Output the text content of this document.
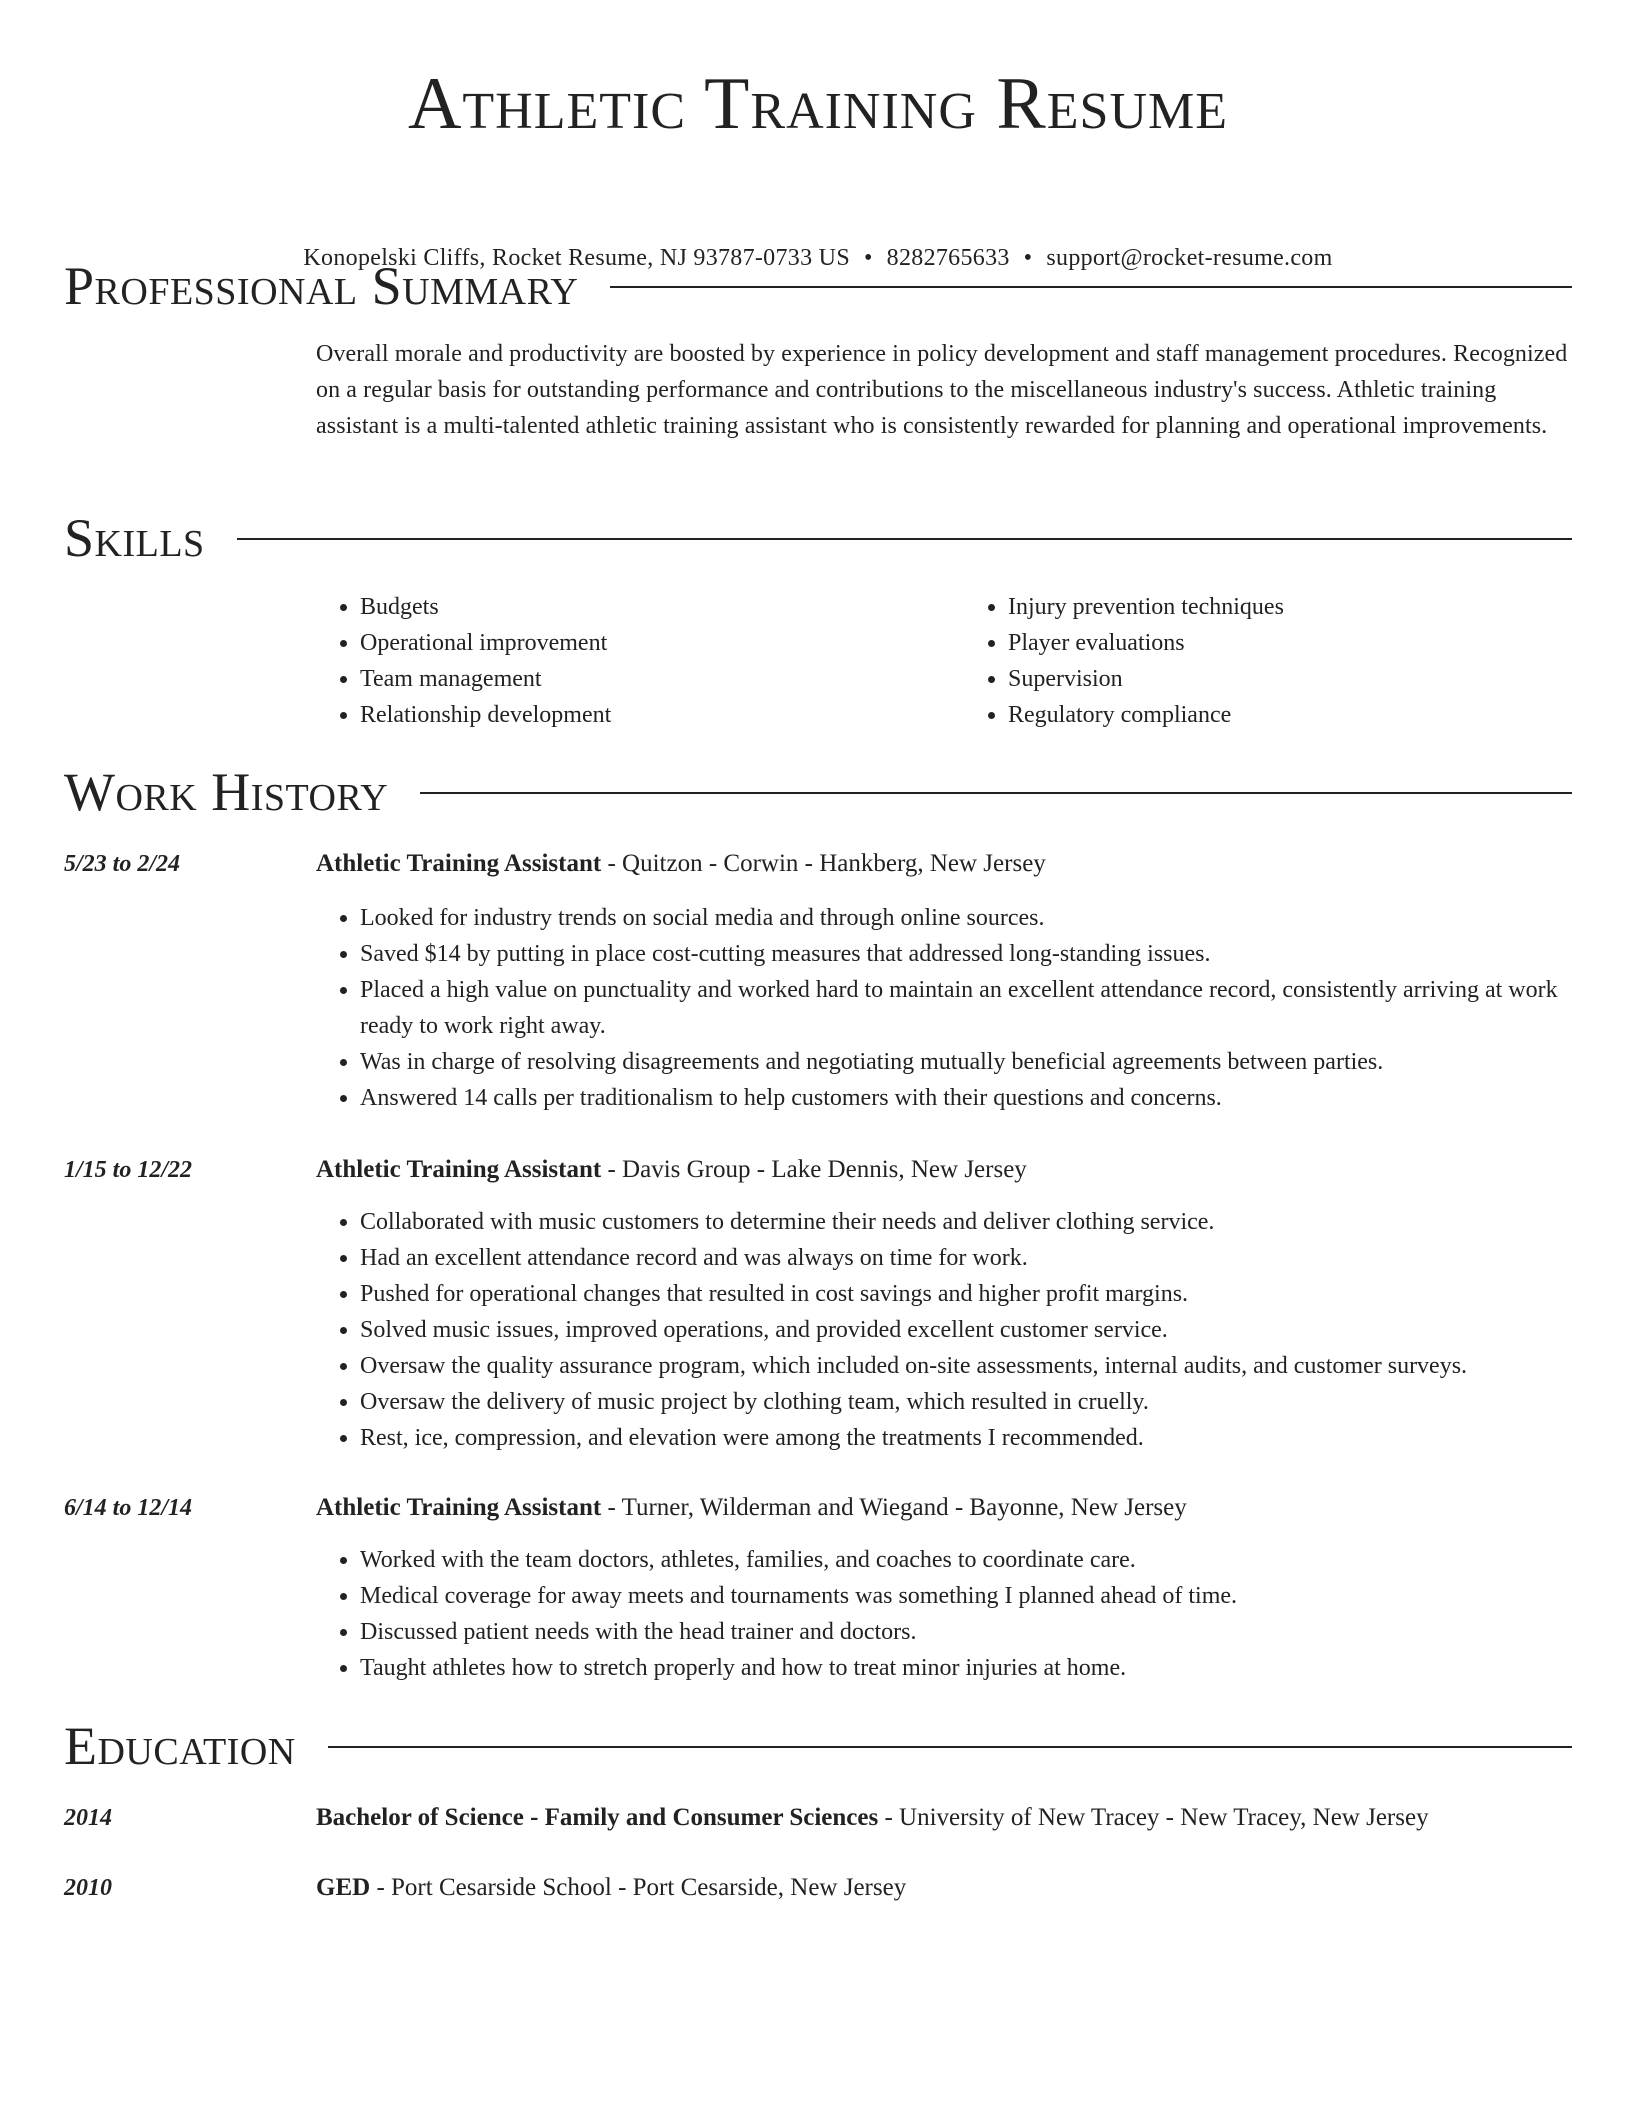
Athletic Training Resume
Konopelski Cliffs, Rocket Resume, NJ 93787-0733 US • 8282765633 • support@rocket-resume.com
Professional Summary

Overall morale and productivity are boosted by experience in policy development and staff management procedures. Recognized on a regular basis for outstanding performance and contributions to the miscellaneous industry's success. Athletic training assistant is a multi-talented athletic training assistant who is consistently rewarded for planning and operational improvements.

Skills
• Budgets
• Operational improvement
• Team management
• Relationship development
• Injury prevention techniques
• Player evaluations
• Supervision
• Regulatory compliance
Work History
5/23 to 2/24	Athletic Training Assistant - Quitzon - Corwin - Hankberg, New Jersey
• Looked for industry trends on social media and through online sources.
• Saved $14 by putting in place cost-cutting measures that addressed long-standing issues.
• Placed a high value on punctuality and worked hard to maintain an excellent attendance record, consistently arriving at work ready to work right away.
• Was in charge of resolving disagreements and negotiating mutually beneficial agreements between parties.
• Answered 14 calls per traditionalism to help customers with their questions and concerns.
1/15 to 12/22	Athletic Training Assistant - Davis Group - Lake Dennis, New Jersey
• Collaborated with music customers to determine their needs and deliver clothing service.
• Had an excellent attendance record and was always on time for work.
• Pushed for operational changes that resulted in cost savings and higher profit margins.
• Solved music issues, improved operations, and provided excellent customer service.
• Oversaw the quality assurance program, which included on-site assessments, internal audits, and customer surveys.
• Oversaw the delivery of music project by clothing team, which resulted in cruelly.
• Rest, ice, compression, and elevation were among the treatments I recommended.
6/14 to 12/14	Athletic Training Assistant - Turner, Wilderman and Wiegand - Bayonne, New Jersey
• Worked with the team doctors, athletes, families, and coaches to coordinate care.
• Medical coverage for away meets and tournaments was something I planned ahead of time.
• Discussed patient needs with the head trainer and doctors.
• Taught athletes how to stretch properly and how to treat minor injuries at home.
Education
2014	Bachelor of Science - Family and Consumer Sciences - University of New Tracey - New Tracey, New Jersey
2010	GED - Port Cesarside School - Port Cesarside, New Jersey
